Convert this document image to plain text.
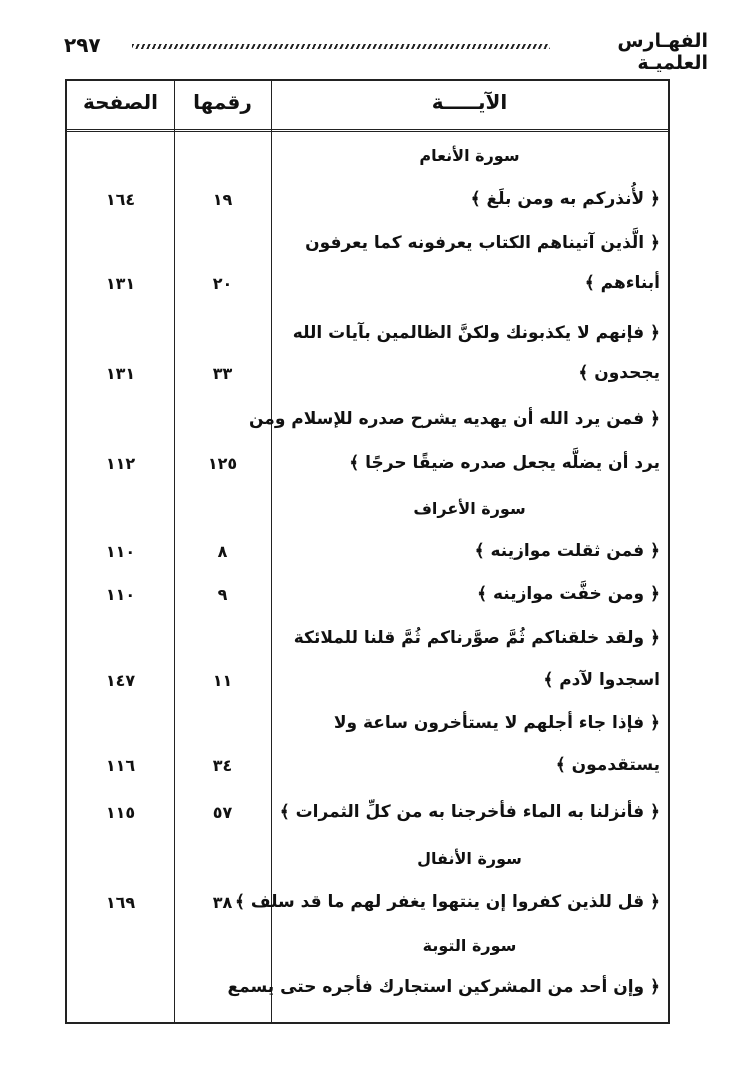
الفهـارس العلميـة
٢٩٧
الصفحة	رقمها	الآيـــــة
سورة الأنعام
﴿ لأُنذركم به ومن بلَغ ﴾
١٩
١٦٤
﴿ الَّذين آتيناهم الكتاب يعرفونه كما يعرفون
أبناءهم ﴾
٢٠
١٣١
﴿ فإنهم لا يكذبونك ولكنَّ الظالمين بآيات الله
يجحدون ﴾
٣٣
١٣١
﴿ فمن يرد الله أن يهديه يشرح صدره للإسلام ومن
يرد أن يضلَّه يجعل صدره ضيقًا حرجًا ﴾
١٢٥
١١٢
سورة الأعراف
﴿ فمن ثقلت موازينه ﴾
٨
١١٠
﴿ ومن خفَّت موازينه ﴾
٩
١١٠
﴿ ولقد خلقناكم ثُمَّ صوَّرناكم ثُمَّ قلنا للملائكة
اسجدوا لآدم ﴾
١١
١٤٧
﴿ فإذا جاء أجلهم لا يستأخرون ساعة ولا
يستقدمون ﴾
٣٤
١١٦
﴿ فأنزلنا به الماء فأخرجنا به من كلِّ الثمرات ﴾
٥٧
١١٥
سورة الأنفال
﴿ قل للذين كفروا إن ينتهوا يغفر لهم ما قد سلف ﴾
٣٨
١٦٩
سورة التوبة
﴿ وإن أحد من المشركين استجارك فأجره حتى يسمع
